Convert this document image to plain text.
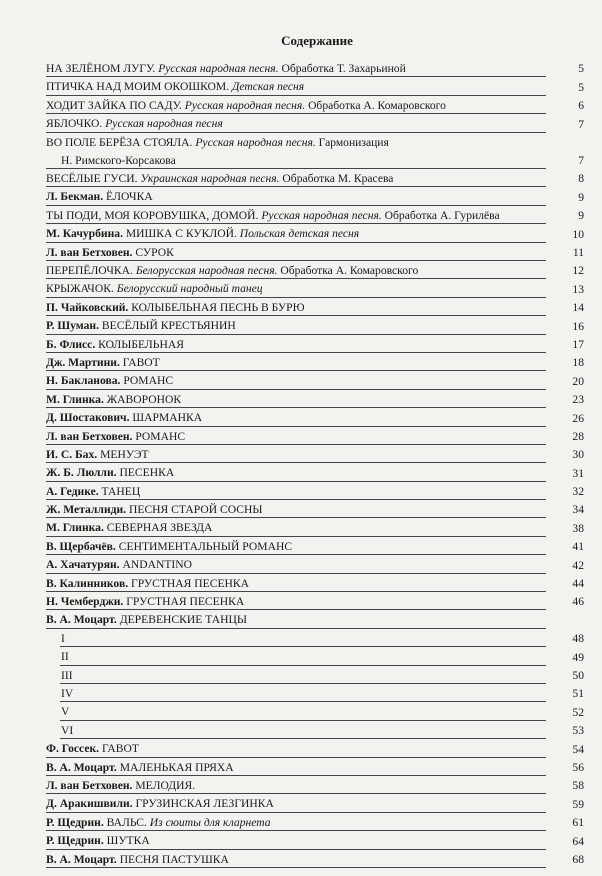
Содержание
НА ЗЕЛЁНОМ ЛУГУ. Русская народная песня. Обработка Т. Захарьиной	5
ПТИЧКА НАД МОИМ ОКОШКОМ. Детская песня	5
ХОДИТ ЗАЙКА ПО САДУ. Русская народная песня. Обработка А. Комаровского	6
ЯБЛОЧКО. Русская народная песня	7
ВО ПОЛЕ БЕРЁЗА СТОЯЛА. Русская народная песня. Гармонизация
Н. Римского-Корсакова	7
ВЕСЁЛЫЕ ГУСИ. Украинская народная песня. Обработка М. Красева	8
Л. Бекман. ЁЛОЧКА	9
ТЫ ПОДИ, МОЯ КОРОВУШКА, ДОМОЙ. Русская народная песня. Обработка А. Гурилёва	9
М. Качурбина. МИШКА С КУКЛОЙ. Польская детская песня	10
Л. ван Бетховен. СУРОК	11
ПЕРЕПЁЛОЧКА. Белорусская народная песня. Обработка А. Комаровского	12
КРЫЖАЧОК. Белорусский народный танец	13
П. Чайковский. КОЛЫБЕЛЬНАЯ ПЕСНЬ В БУРЮ	14
Р. Шуман. ВЕСЁЛЫЙ КРЕСТЬЯНИН	16
Б. Флисс. КОЛЫБЕЛЬНАЯ	17
Дж. Мартини. ГАВОТ	18
Н. Бакланова. РОМАНС	20
М. Глинка. ЖАВОРОНОК	23
Д. Шостакович. ШАРМАНКА	26
Л. ван Бетховен. РОМАНС	28
И. С. Бах. МЕНУЭТ	30
Ж. Б. Люлли. ПЕСЕНКА	31
А. Гедике. ТАНЕЦ	32
Ж. Металлиди. ПЕСНЯ СТАРОЙ СОСНЫ	34
М. Глинка. СЕВЕРНАЯ ЗВЕЗДА	38
В. Щербачёв. СЕНТИМЕНТАЛЬНЫЙ РОМАНС	41
А. Хачатурян. ANDANTINO	42
В. Калинников. ГРУСТНАЯ ПЕСЕНКА	44
Н. Чемберджи. ГРУСТНАЯ ПЕСЕНКА	46
В. А. Моцарт. ДЕРЕВЕНСКИЕ ТАНЦЫ
I	48
II	49
III	50
IV	51
V	52
VI	53
Ф. Госсек. ГАВОТ	54
В. А. Моцарт. МАЛЕНЬКАЯ ПРЯХА	56
Л. ван Бетховен. МЕЛОДИЯ.	58
Д. Аракишвили. ГРУЗИНСКАЯ ЛЕЗГИНКА	59
Р. Щедрин. ВАЛЬС. Из сюиты для кларнета	61
Р. Щедрин. ШУТКА	64
В. А. Моцарт. ПЕСНЯ ПАСТУШКА	68
